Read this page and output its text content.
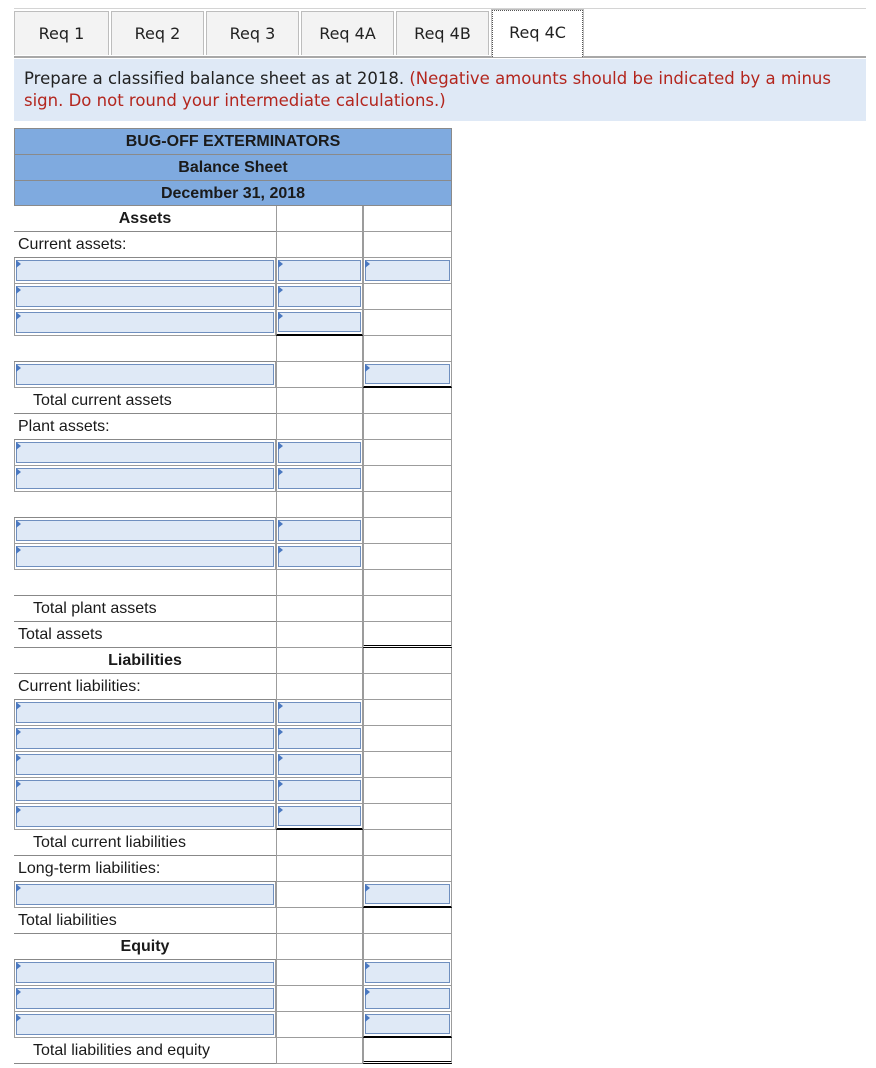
Req 1	Req 2	Req 3	Req 4A	Req 4B	Req 4C
Prepare a classified balance sheet as at 2018. (Negative amounts should be indicated by a minus sign. Do not round your intermediate calculations.)
BUG-OFF EXTERMINATORS
Balance Sheet
December 31, 2018
Assets
Current assets:
Total current assets
Plant assets:
Total plant assets
Total assets
Liabilities
Current liabilities:
Total current liabilities
Long-term liabilities:
Total liabilities
Equity
Total liabilities and equity
